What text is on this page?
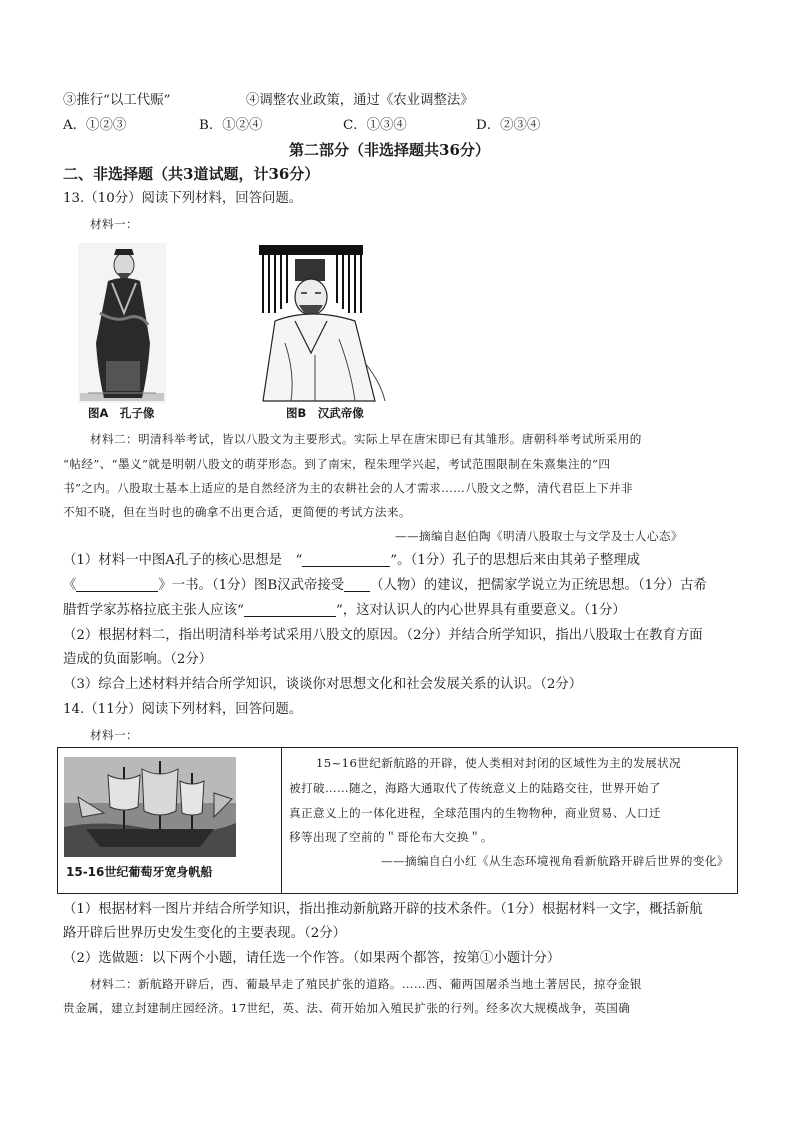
③推行“以工代赈”	④调整农业政策，通过《农业调整法》
A．①②③	B．①②④	C．①③④	D．②③④
第二部分（非选择题共36分）
二、非选择题（共3道试题，计36分）
13.（10分）阅读下列材料，回答问题。
材料一：
图A　孔子像	图B　汉武帝像
材料二：明清科举考试，皆以八股文为主要形式。实际上早在唐宋即已有其雏形。唐朝科举考试所采用的
“帖经”、“墨义”就是明朝八股文的萌芽形态。到了南宋，程朱理学兴起，考试范围限制在朱熹集注的“四
书”之内。八股取士基本上适应的是自然经济为主的农耕社会的人才需求……八股文之弊，清代君臣上下并非
不知不晓，但在当时也的确拿不出更合适，更简便的考试方法来。
——摘编自赵伯陶《明清八股取士与文学及士人心态》
（1）材料一中图A孔子的核心思想是　“	”。（1分）孔子的思想后来由其弟子整理成
《	》一书。（1分）图B汉武帝接受 （人物）的建议，把儒家学说立为正统思想。（1分）古希
腊哲学家苏格拉底主张人应该“	”，这对认识人的内心世界具有重要意义。（1分）
（2）根据材料二，指出明清科举考试采用八股文的原因。（2分）并结合所学知识，指出八股取士在教育方面
造成的负面影响。（2分）
（3）综合上述材料并结合所学知识，谈谈你对思想文化和社会发展关系的认识。（2分）
14.（11分）阅读下列材料，回答问题。
材料一：
15-16世纪葡萄牙宽身帆船
15~16世纪新航路的开辟，使人类相对封闭的区域性为主的发展状况
被打破……随之，海路大通取代了传统意义上的陆路交往，世界开始了
真正意义上的一体化进程，全球范围内的生物物种，商业贸易、人口迁
移等出现了空前的＂哥伦布大交换＂。
——摘编自白小红《从生态环境视角看新航路开辟后世界的变化》
（1）根据材料一图片并结合所学知识，指出推动新航路开辟的技术条件。（1分）根据材料一文字，概括新航
路开辟后世界历史发生变化的主要表现。（2分）
（2）选做题：以下两个小题，请任选一个作答。（如果两个都答，按第①小题计分）
材料二：新航路开辟后，西、葡最早走了殖民扩张的道路。……西、葡两国屠杀当地土著居民，掠夺金银
贵金属，建立封建制庄园经济。17世纪，英、法、荷开始加入殖民扩张的行列。经多次大规模战争，英国确
